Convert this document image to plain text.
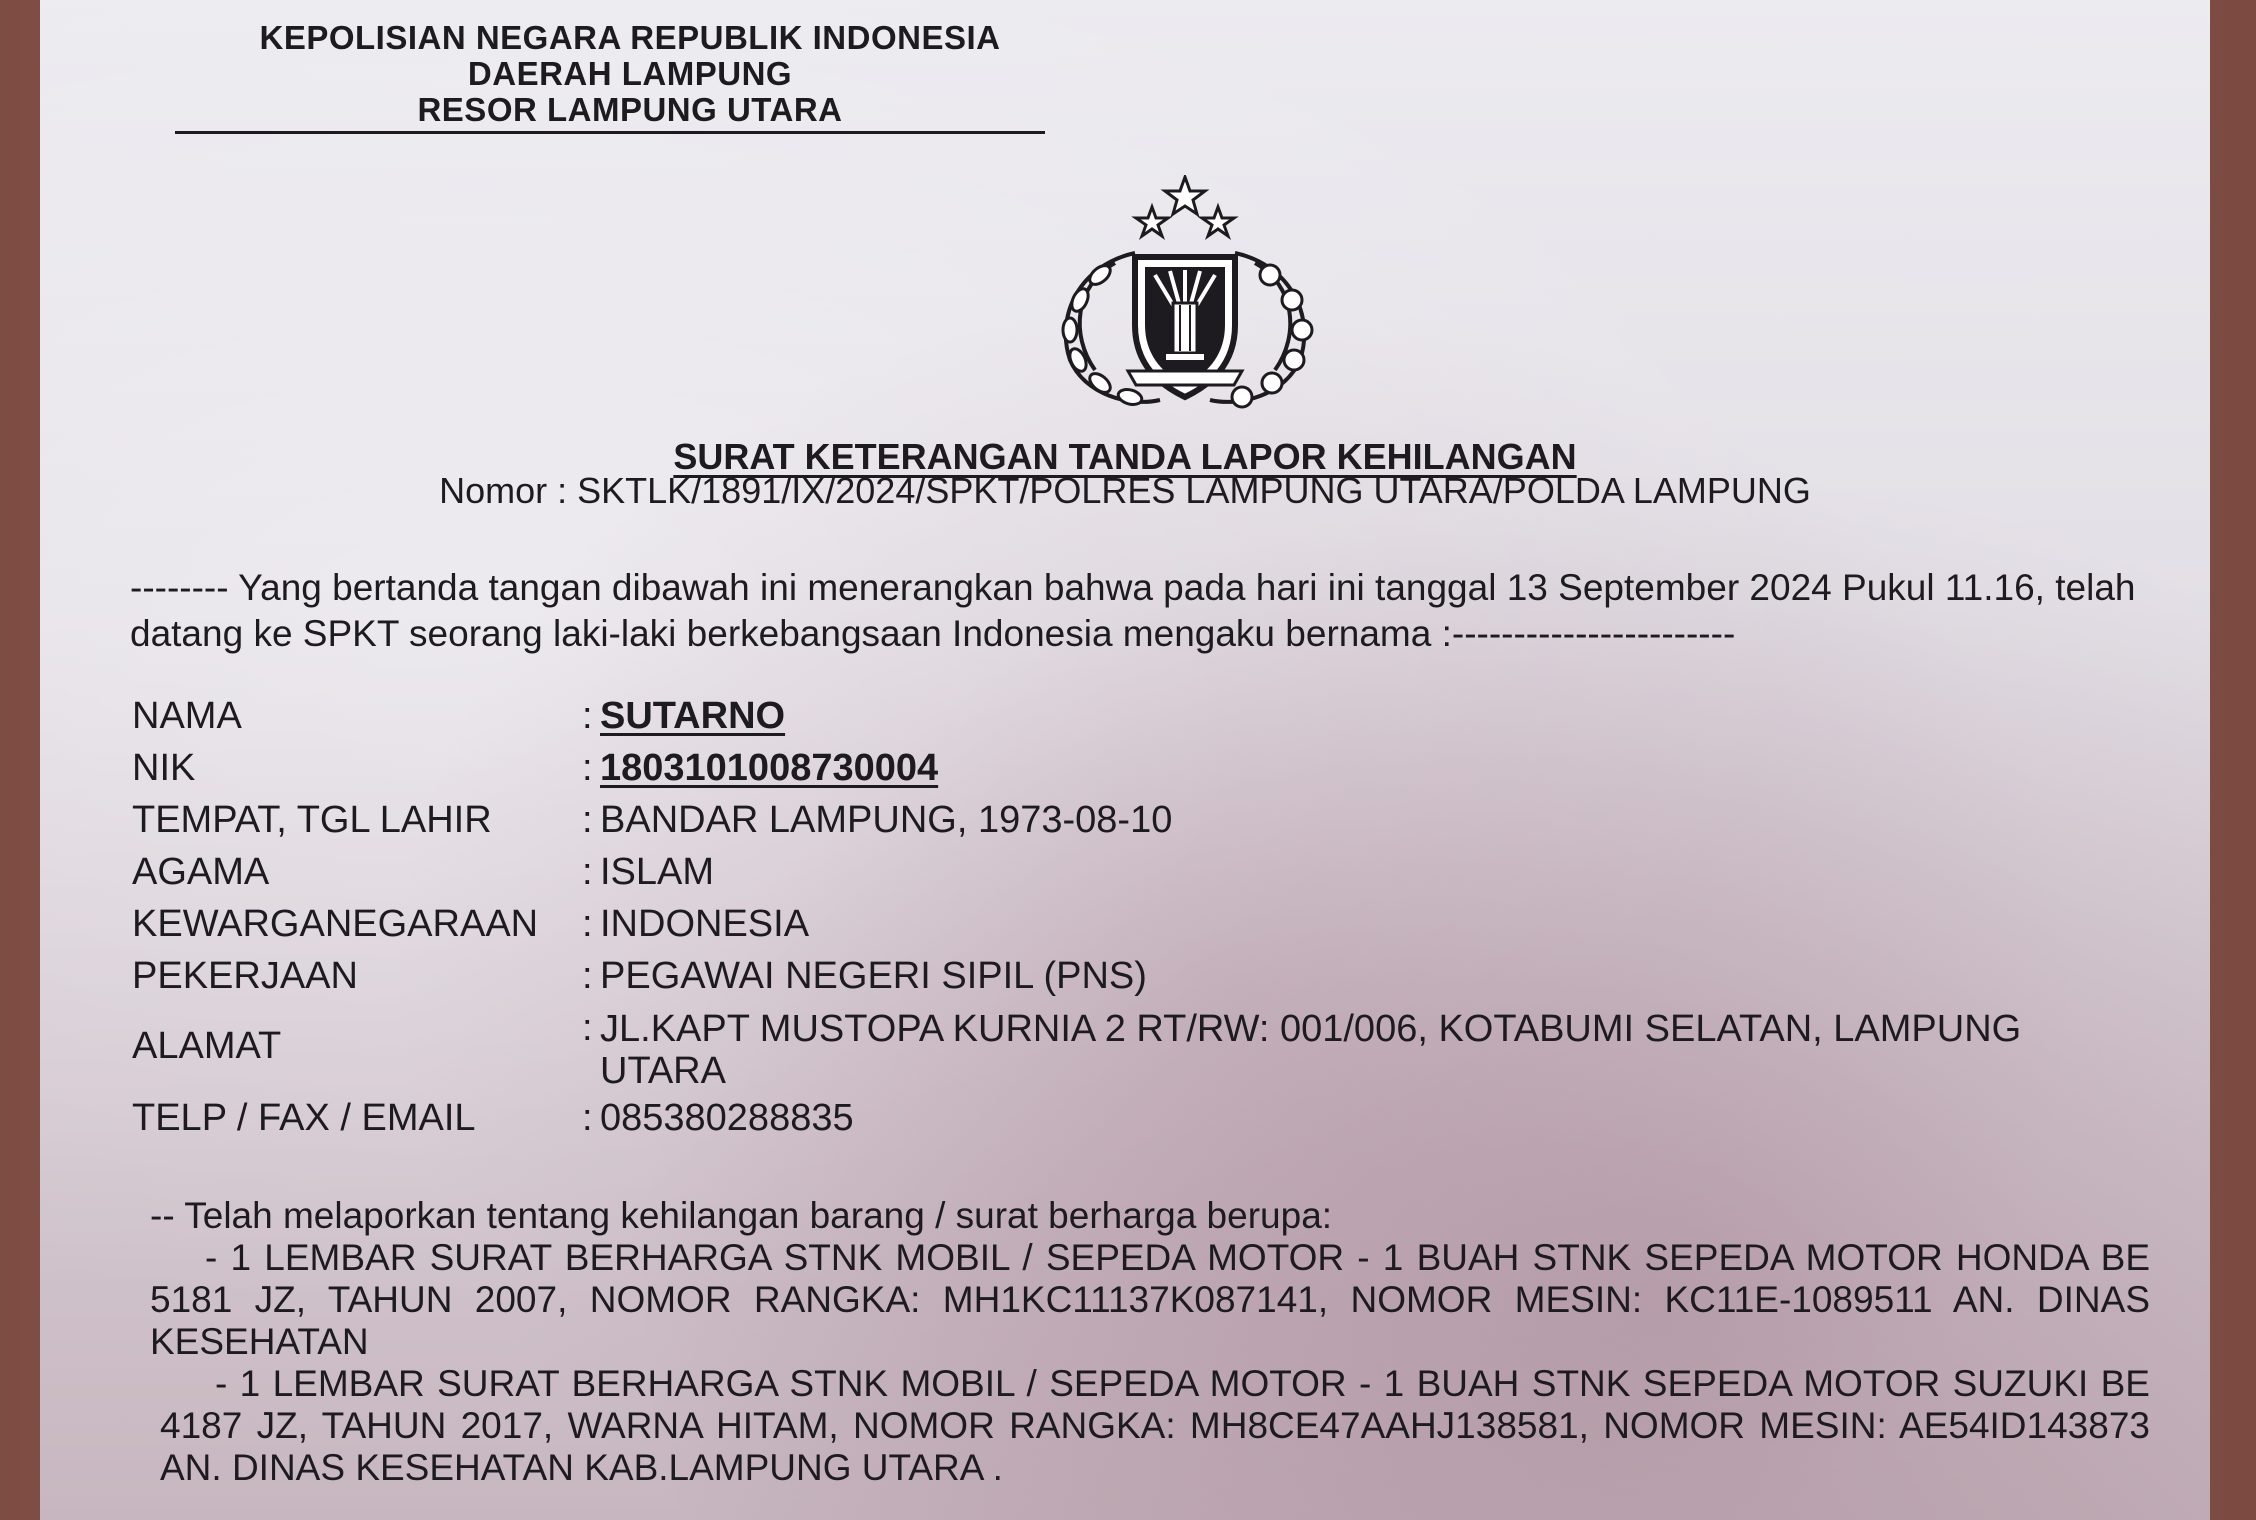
KEPOLISIAN NEGARA REPUBLIK INDONESIA
DAERAH LAMPUNG
RESOR LAMPUNG UTARA
SURAT KETERANGAN TANDA LAPOR KEHILANGAN
Nomor : SKTLK/1891/IX/2024/SPKT/POLRES LAMPUNG UTARA/POLDA LAMPUNG
-------- Yang bertanda tangan dibawah ini menerangkan bahwa pada hari ini tanggal 13 September 2024 Pukul 11.16, telah datang ke SPKT seorang laki-laki berkebangsaan Indonesia mengaku bernama :-----------------------
NAMA	: SUTARNO
NIK	: 1803101008730004
TEMPAT, TGL LAHIR	: BANDAR LAMPUNG, 1973-08-10
AGAMA	: ISLAM
KEWARGANEGARAAN	: INDONESIA
PEKERJAAN	: PEGAWAI NEGERI SIPIL (PNS)
ALAMAT	: JL.KAPT MUSTOPA KURNIA 2 RT/RW: 001/006, KOTABUMI SELATAN, LAMPUNG UTARA
TELP / FAX / EMAIL	: 085380288835
-- Telah melaporkan tentang kehilangan barang / surat berharga berupa:
- 1 LEMBAR SURAT BERHARGA STNK MOBIL / SEPEDA MOTOR - 1 BUAH STNK SEPEDA MOTOR HONDA BE 5181 JZ, TAHUN 2007, NOMOR RANGKA: MH1KC11137K087141, NOMOR MESIN: KC11E-1089511 AN. DINAS KESEHATAN
- 1 LEMBAR SURAT BERHARGA STNK MOBIL / SEPEDA MOTOR - 1 BUAH STNK SEPEDA MOTOR SUZUKI BE 4187 JZ, TAHUN 2017, WARNA HITAM, NOMOR RANGKA: MH8CE47AAHJ138581, NOMOR MESIN: AE54ID143873 AN. DINAS KESEHATAN KAB.LAMPUNG UTARA .
